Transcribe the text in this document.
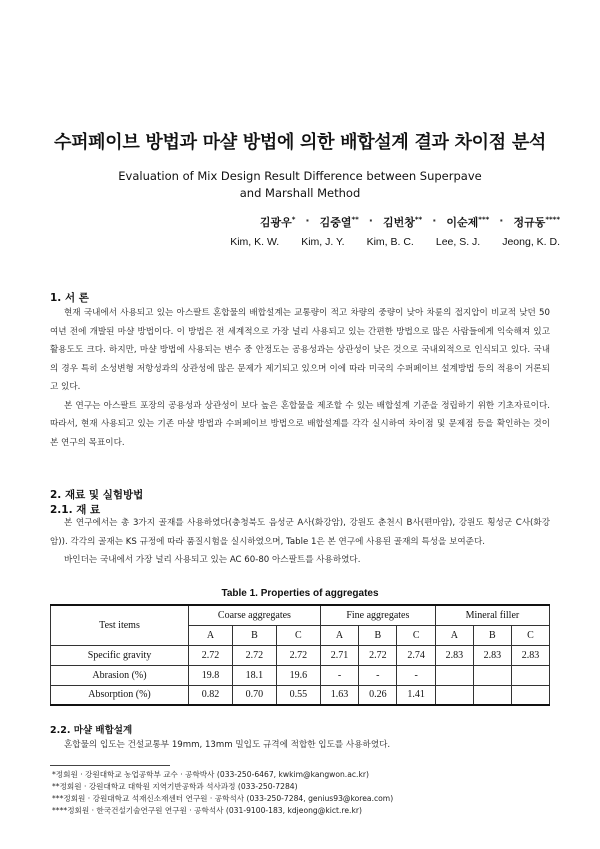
수퍼페이브 방법과 마샬 방법에 의한 배합설계 결과 차이점 분석
Evaluation of Mix Design Result Difference between Superpave
and Marshall Method
김광우* · 김중열** · 김번창** · 이순제*** · 정규동****
Kim, K. W. Kim, J. Y. Kim, B. C. Lee, S. J. Jeong, K. D.
1. 서 론

현재 국내에서 사용되고 있는 아스팔트 혼합물의 배합설계는 교통량이 적고 차량의 중량이 낮아 차륜의 접지압이 비교적 낮던 50여년 전에 개발된 마샬 방법이다. 이 방법은 전 세계적으로 가장 널리 사용되고 있는 간편한 방법으로 많은 사람들에게 익숙해져 있고 활용도도 크다. 하지만, 마샬 방법에 사용되는 변수 중 안정도는 공용성과는 상관성이 낮은 것으로 국내외적으로 인식되고 있다. 국내의 경우 특히 소성변형 저항성과의 상관성에 많은 문제가 제기되고 있으며 이에 따라 미국의 수퍼페이브 설계방법 등의 적용이 거론되고 있다.

본 연구는 아스팔트 포장의 공용성과 상관성이 보다 높은 혼합물을 제조할 수 있는 배합설계 기준을 정립하기 위한 기초자료이다. 따라서, 현재 사용되고 있는 기존 마샬 방법과 수퍼페이브 방법으로 배합설계를 각각 실시하여 차이점 및 문제점 등을 확인하는 것이 본 연구의 목표이다.

2. 재료 및 실험방법
2.1. 재 료

본 연구에서는 총 3가지 골재를 사용하였다(충청북도 음성군 A사(화강암), 강원도 춘천시 B사(편마암), 강원도 횡성군 C사(화강암)). 각각의 골재는 KS 규정에 따라 품질시험을 실시하였으며, Table 1은 본 연구에 사용된 골재의 특성을 보여준다.

바인더는 국내에서 가장 널리 사용되고 있는 AC 60-80 아스팔트를 사용하였다.

Table 1. Properties of aggregates
Test items	Coarse aggregates			Fine aggregates			Mineral filler		
	A	B	C	A	B	C	A	B	C
Specific gravity	2.72	2.72	2.72	2.71	2.72	2.74	2.83	2.83	2.83
Abrasion (%)	19.8	18.1	19.6	-	-	-			
Absorption (%)	0.82	0.70	0.55	1.63	0.26	1.41			
2.2. 마샬 배합설계

혼합물의 입도는 건설교통부 19mm, 13mm 밀입도 규격에 적합한 입도를 사용하였다.

*정회원 · 강원대학교 농업공학부 교수 · 공학박사 (033-250-6467, kwkim@kangwon.ac.kr)
**정회원 · 강원대학교 대학원 지역기반공학과 석사과정 (033-250-7284)
***정회원 · 강원대학교 석재신소재센터 연구원 · 공학석사 (033-250-7284, genius93@korea.com)
****정회원 · 한국건설기술연구원 연구원 · 공학석사 (031-9100-183, kdjeong@kict.re.kr)
